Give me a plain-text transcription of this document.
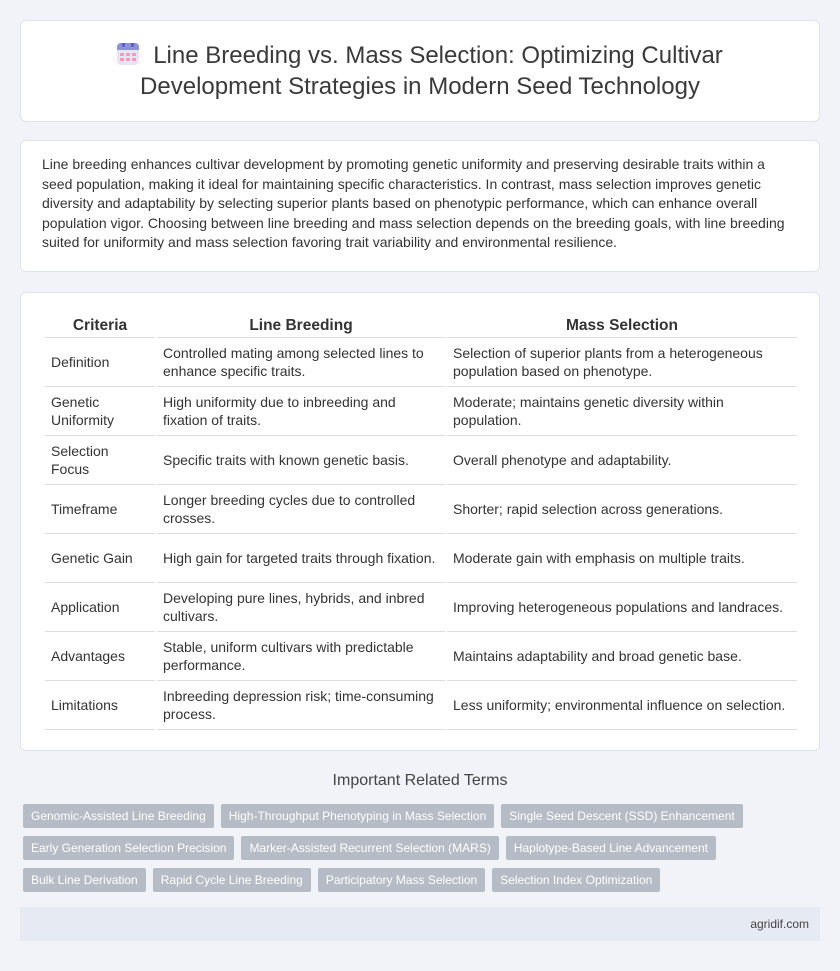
Line Breeding vs. Mass Selection: Optimizing Cultivar Development Strategies in Modern Seed Technology

Line breeding enhances cultivar development by promoting genetic uniformity and preserving desirable traits within a seed population, making it ideal for maintaining specific characteristics. In contrast, mass selection improves genetic diversity and adaptability by selecting superior plants based on phenotypic performance, which can enhance overall population vigor. Choosing between line breeding and mass selection depends on the breeding goals, with line breeding suited for uniformity and mass selection favoring trait variability and environmental resilience.

Criteria	Line Breeding	Mass Selection
Definition	Controlled mating among selected lines to enhance specific traits.	Selection of superior plants from a heterogeneous population based on phenotype.
Genetic Uniformity	High uniformity due to inbreeding and fixation of traits.	Moderate; maintains genetic diversity within population.
Selection Focus	Specific traits with known genetic basis.	Overall phenotype and adaptability.
Timeframe	Longer breeding cycles due to controlled crosses.	Shorter; rapid selection across generations.
Genetic Gain	High gain for targeted traits through fixation.	Moderate gain with emphasis on multiple traits.
Application	Developing pure lines, hybrids, and inbred cultivars.	Improving heterogeneous populations and landraces.
Advantages	Stable, uniform cultivars with predictable performance.	Maintains adaptability and broad genetic base.
Limitations	Inbreeding depression risk; time-consuming process.	Less uniformity; environmental influence on selection.
Important Related Terms
Genomic-Assisted Line Breeding	High-Throughput Phenotyping in Mass Selection	Single Seed Descent (SSD) Enhancement
Early Generation Selection Precision	Marker-Assisted Recurrent Selection (MARS)	Haplotype-Based Line Advancement
Bulk Line Derivation	Rapid Cycle Line Breeding	Participatory Mass Selection	Selection Index Optimization
agridif.com
